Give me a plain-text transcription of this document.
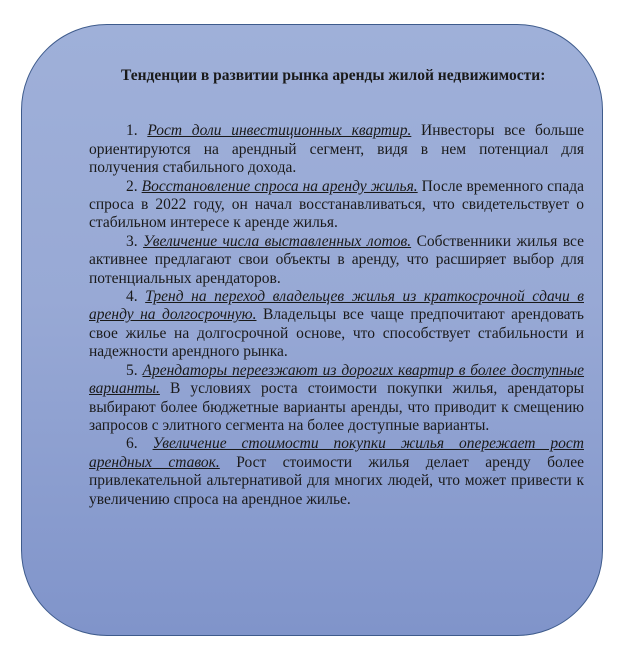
Тенденции в развитии рынка аренды жилой недвижимости:

1. Рост доли инвестиционных квартир. Инвесторы все больше ориентируются на арендный сегмент, видя в нем потенциал для получения стабильного дохода.

2. Восстановление спроса на аренду жилья. После временного спада спроса в 2022 году, он начал восстанавливаться, что свидетельствует о стабильном интересе к аренде жилья.

3. Увеличение числа выставленных лотов. Собственники жилья все активнее предлагают свои объекты в аренду, что расширяет выбор для потенциальных арендаторов.

4. Тренд на переход владельцев жилья из краткосрочной сдачи в аренду на долгосрочную. Владельцы все чаще предпочитают арендовать свое жилье на долгосрочной основе, что способствует стабильности и надежности арендного рынка.

5. Арендаторы переезжают из дорогих квартир в более доступные варианты. В условиях роста стоимости покупки жилья, арендаторы выбирают более бюджетные варианты аренды, что приводит к смещению запросов с элитного сегмента на более доступные варианты.

6. Увеличение стоимости покупки жилья опережает рост арендных ставок. Рост стоимости жилья делает аренду более привлекательной альтернативой для многих людей, что может привести к увеличению спроса на арендное жилье.
